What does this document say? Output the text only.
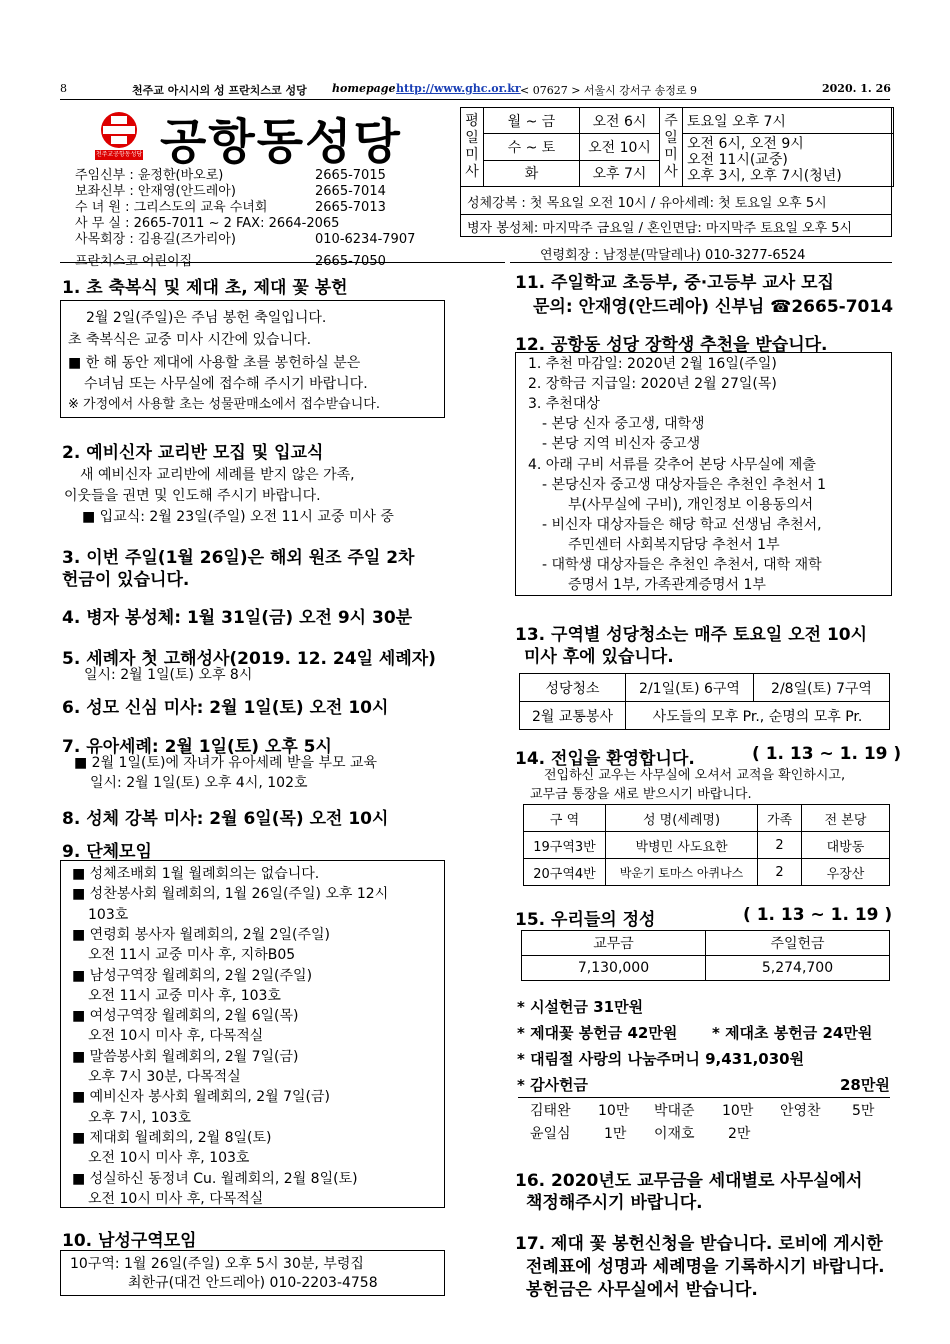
8	천주교 아시시의 성 프란치스코 성당 homepage http://www.ghc.or.kr < 07627 > 서울시 강서구 송정로 9	2020. 1. 26
천주교공항동성당 공항동성당
주임신부 : 윤정한(바오로)	2665-7015
보좌신부 : 안재영(안드레아)	2665-7014
수 녀 원 : 그리스도의 교육 수녀회	2665-7013
사 무 실 : 2665-7011 ~ 2 FAX: 2664-2065
사목회장 : 김용길(즈가리아)	010-6234-7907
프란치스코 어린이집	2665-7050
평일미사	월 ~ 금	오전 6시	주일미사	토요일 오후 7시
	수 ~ 토	오전 10시		오전 6시, 오전 9시
오전 11시(교중)
오후 3시, 오후 7시(청년)
	화	오후 7시		
성체강복 : 첫 목요일 오전 10시 / 유아세례: 첫 토요일 오후 5시
병자 봉성체: 마지막주 금요일 / 혼인면담: 마지막주 토요일 오후 5시
연령회장 : 남정분(막달레나) 010-3277-6524
1. 초 축복식 및 제대 초, 제대 꽃 봉헌
2월 2일(주일)은 주님 봉헌 축일입니다.
초 축복식은 교중 미사 시간에 있습니다.
■ 한 해 동안 제대에 사용할 초를 봉헌하실 분은
수녀님 또는 사무실에 접수해 주시기 바랍니다.
※ 가정에서 사용할 초는 성물판매소에서 접수받습니다.
2. 예비신자 교리반 모집 및 입교식
새 예비신자 교리반에 세례를 받지 않은 가족,
이웃들을 권면 및 인도해 주시기 바랍니다.
■ 입교식: 2월 23일(주일) 오전 11시 교중 미사 중
3. 이번 주일(1월 26일)은 해외 원조 주일 2차
헌금이 있습니다.
4. 병자 봉성체: 1월 31일(금) 오전 9시 30분
5. 세례자 첫 고해성사(2019. 12. 24일 세례자)
일시: 2월 1일(토) 오후 8시
6. 성모 신심 미사: 2월 1일(토) 오전 10시
7. 유아세례: 2월 1일(토) 오후 5시
■ 2월 1일(토)에 자녀가 유아세례 받을 부모 교육
일시: 2월 1일(토) 오후 4시, 102호
8. 성체 강복 미사: 2월 6일(목) 오전 10시
9. 단체모임
■ 성체조배회 1월 월례회의는 없습니다.
■ 성찬봉사회 월례회의, 1월 26일(주일) 오후 12시
103호
■ 연령회 봉사자 월례회의, 2월 2일(주일)
오전 11시 교중 미사 후, 지하B05
■ 남성구역장 월례회의, 2월 2일(주일)
오전 11시 교중 미사 후, 103호
■ 여성구역장 월례회의, 2월 6일(목)
오전 10시 미사 후, 다목적실
■ 말씀봉사회 월례회의, 2월 7일(금)
오후 7시 30분, 다목적실
■ 예비신자 봉사회 월례회의, 2월 7일(금)
오후 7시, 103호
■ 제대회 월례회의, 2월 8일(토)
오전 10시 미사 후, 103호
■ 성실하신 동정녀 Cu. 월례회의, 2월 8일(토)
오전 10시 미사 후, 다목적실
10. 남성구역모임
10구역: 1월 26일(주일) 오후 5시 30분, 부령집
최한규(대건 안드레아) 010-2203-4758
11. 주일학교 초등부, 중·고등부 교사 모집
문의: 안재영(안드레아) 신부님 ☎2665-7014
12. 공항동 성당 장학생 추천을 받습니다.
1. 추천 마감일: 2020년 2월 16일(주일)
2. 장학금 지급일: 2020년 2월 27일(목)
3. 추천대상
- 본당 신자 중고생, 대학생
- 본당 지역 비신자 중고생
4. 아래 구비 서류를 갖추어 본당 사무실에 제출
- 본당신자 중고생 대상자들은 추천인 추천서 1
부(사무실에 구비), 개인정보 이용동의서
- 비신자 대상자들은 해당 학교 선생님 추천서,
주민센터 사회복지담당 추천서 1부
- 대학생 대상자들은 추천인 추천서, 대학 재학
증명서 1부, 가족관계증명서 1부
13. 구역별 성당청소는 매주 토요일 오전 10시
미사 후에 있습니다.
성당청소	2/1일(토) 6구역	2/8일(토) 7구역
2월 교통봉사	사도들의 모후 Pr., 순명의 모후 Pr.	
14. 전입을 환영합니다.	( 1. 13 ~ 1. 19 )
전입하신 교우는 사무실에 오셔서 교적을 확인하시고,
교무금 통장을 새로 받으시기 바랍니다.
구 역	성 명(세례명)	가족	전 본당
19구역3반	박병민 사도요한	2	대방동
20구역4반	박운기 토마스 아퀴나스	2	우장산
15. 우리들의 정성	( 1. 13 ~ 1. 19 )
교무금	주일헌금
7,130,000	5,274,700
* 시설헌금 31만원
* 제대꽃 봉헌금 42만원 * 제대초 봉헌금 24만원
* 대림절 사랑의 나눔주머니 9,431,030원
* 감사헌금	28만원
김태완 10만 박대준 10만 안영찬 5만
윤일심 1만 이재호 2만
16. 2020년도 교무금을 세대별로 사무실에서
책정해주시기 바랍니다.
17. 제대 꽃 봉헌신청을 받습니다. 로비에 게시한
전례표에 성명과 세례명을 기록하시기 바랍니다.
봉헌금은 사무실에서 받습니다.
